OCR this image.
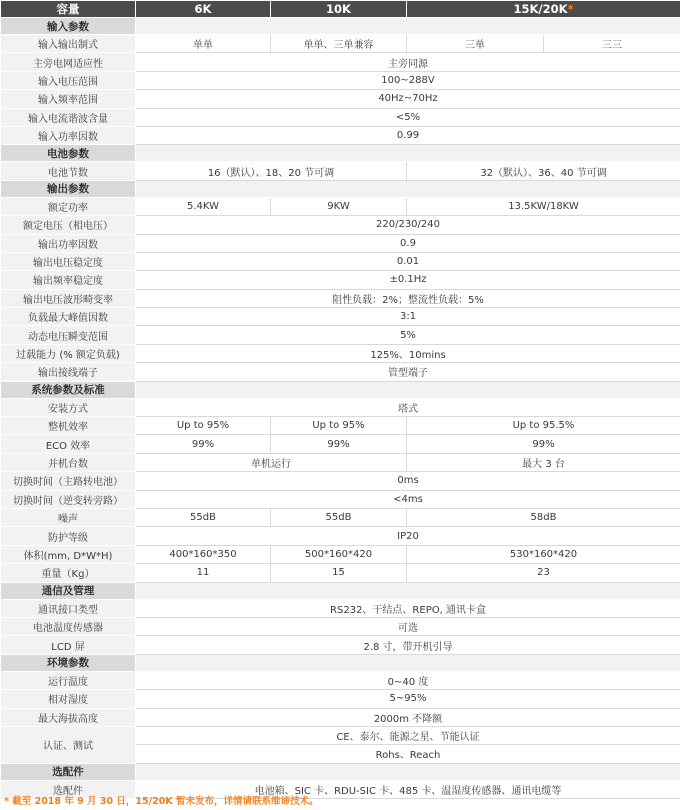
容量	6K	10K	15K/20K*	
输入参数				
输入输出制式	单单	单单、三单兼容	三单	三三
主旁电网适应性	主旁同源			
输入电压范围	100~288V			
输入频率范围	40Hz~70Hz			
输入电流谐波含量	<5%			
输入功率因数	0.99			
电池参数				
电池节数	16（默认）、18、20 节可调		32（默认）、36、40 节可调	
输出参数				
额定功率	5.4KW	9KW	13.5KW/18KW	
额定电压（相电压）	220/230/240			
输出功率因数	0.9			
输出电压稳定度	0.01			
输出频率稳定度	±0.1Hz			
输出电压波形畸变率	阻性负载：2%；整流性负载：5%			
负载最大峰值因数	3:1			
动态电压瞬变范围	5%			
过载能力 (% 额定负载)	125%、10mins			
输出接线端子	管型端子			
系统参数及标准				
安装方式	塔式			
整机效率	Up to 95%	Up to 95%	Up to 95.5%	
ECO 效率	99%	99%	99%	
并机台数	单机运行		最大 3 台	
切换时间（主路转电池）	0ms			
切换时间（逆变转旁路）	<4ms			
噪声	55dB	55dB	58dB	
防护等级	IP20			
体积(mm, D*W*H)	400*160*350	500*160*420	530*160*420	
重量（Kg）	11	15	23	
通信及管理				
通讯接口类型	RS232、干结点、REPO, 通讯卡盒			
电池温度传感器	可选			
LCD 屏	2.8 寸，带开机引导			
环境参数				
运行温度	0~40 度			
相对湿度	5~95%			
最大海拔高度	2000m 不降额			
认证、测试	CE、泰尔、能源之星、节能认证			
	Rohs、Reach			
选配件				
选配件	电池箱、SIC 卡、RDU-SIC 卡、485 卡、温湿度传感器、通讯电缆等			
* 截至 2018 年 9 月 30 日，15/20K 暂未发布，详情请联系维谛技术。
